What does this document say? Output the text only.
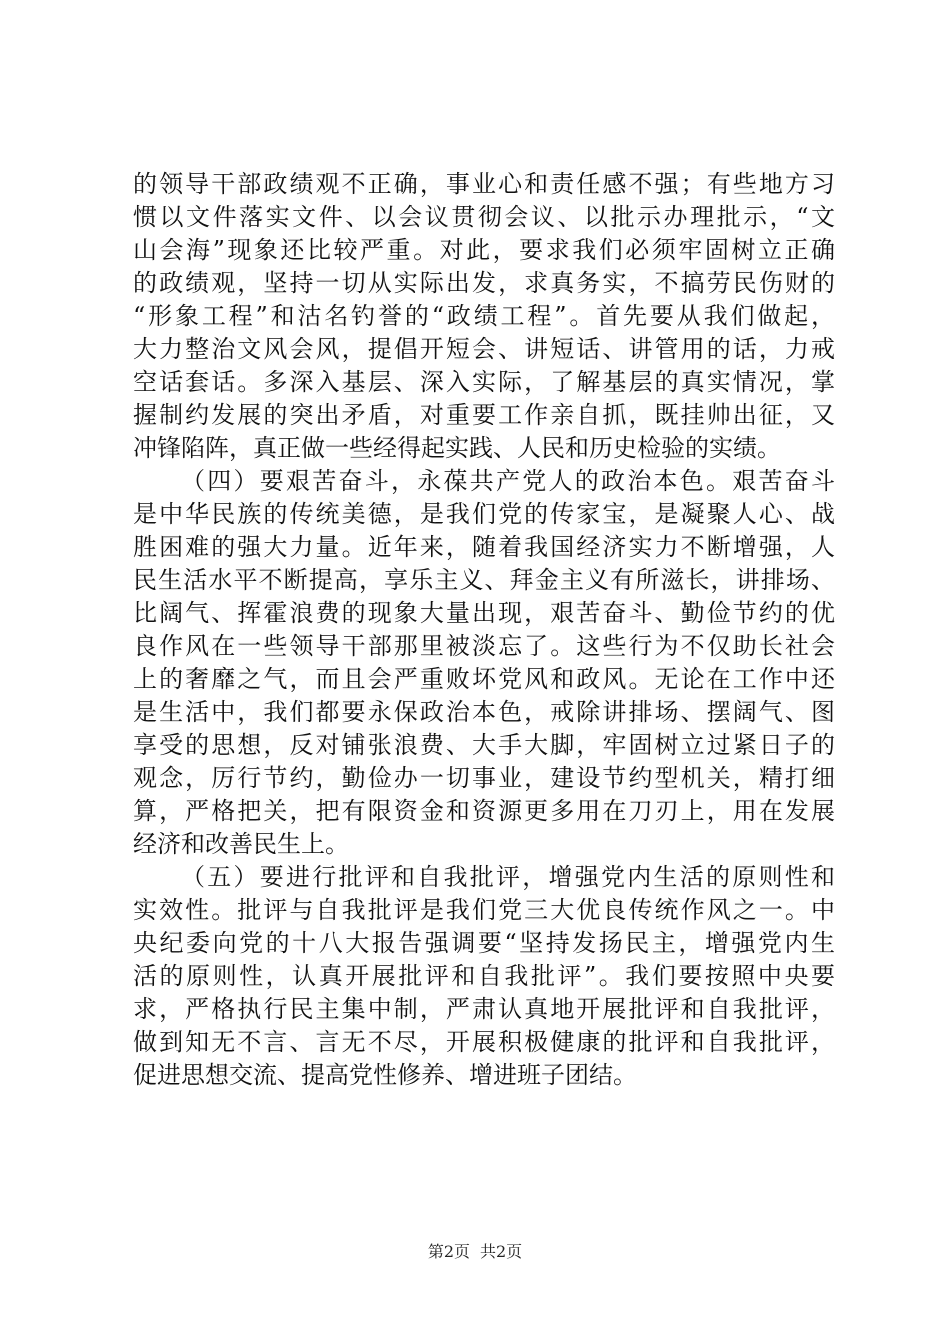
的领导干部政绩观不正确，事业心和责任感不强；有些地方习
惯以文件落实文件、以会议贯彻会议、以批示办理批示，“文
山会海”现象还比较严重。对此，要求我们必须牢固树立正确
的政绩观，坚持一切从实际出发，求真务实，不搞劳民伤财的
“形象工程”和沽名钓誉的“政绩工程”。首先要从我们做起，
大力整治文风会风，提倡开短会、讲短话、讲管用的话，力戒
空话套话。多深入基层、深入实际，了解基层的真实情况，掌
握制约发展的突出矛盾，对重要工作亲自抓，既挂帅出征，又
冲锋陷阵，真正做一些经得起实践、人民和历史检验的实绩。
（四）要艰苦奋斗，永葆共产党人的政治本色。艰苦奋斗
是中华民族的传统美德，是我们党的传家宝，是凝聚人心、战
胜困难的强大力量。近年来，随着我国经济实力不断增强，人
民生活水平不断提高，享乐主义、拜金主义有所滋长，讲排场、
比阔气、挥霍浪费的现象大量出现，艰苦奋斗、勤俭节约的优
良作风在一些领导干部那里被淡忘了。这些行为不仅助长社会
上的奢靡之气，而且会严重败坏党风和政风。无论在工作中还
是生活中，我们都要永保政治本色，戒除讲排场、摆阔气、图
享受的思想，反对铺张浪费、大手大脚，牢固树立过紧日子的
观念，厉行节约，勤俭办一切事业，建设节约型机关，精打细
算，严格把关，把有限资金和资源更多用在刀刃上，用在发展
经济和改善民生上。
（五）要进行批评和自我批评，增强党内生活的原则性和
实效性。批评与自我批评是我们党三大优良传统作风之一。中
央纪委向党的十八大报告强调要“坚持发扬民主，增强党内生
活的原则性，认真开展批评和自我批评”。我们要按照中央要
求，严格执行民主集中制，严肃认真地开展批评和自我批评，
做到知无不言、言无不尽，开展积极健康的批评和自我批评，
促进思想交流、提高党性修养、增进班子团结。
第2页 共2页
